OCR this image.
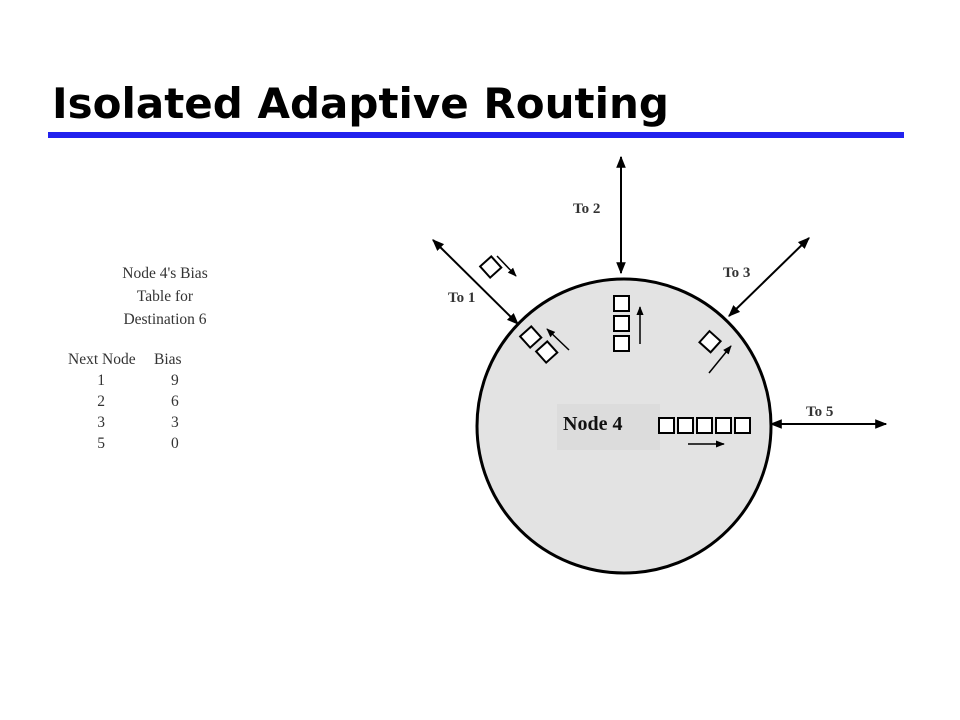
Isolated Adaptive Routing
Node 4's Bias
Table for
Destination 6
Next Node	Bias
1	9
2	6
3	3
5	0
Node 4
To 1
To 2
To 3
To 5
